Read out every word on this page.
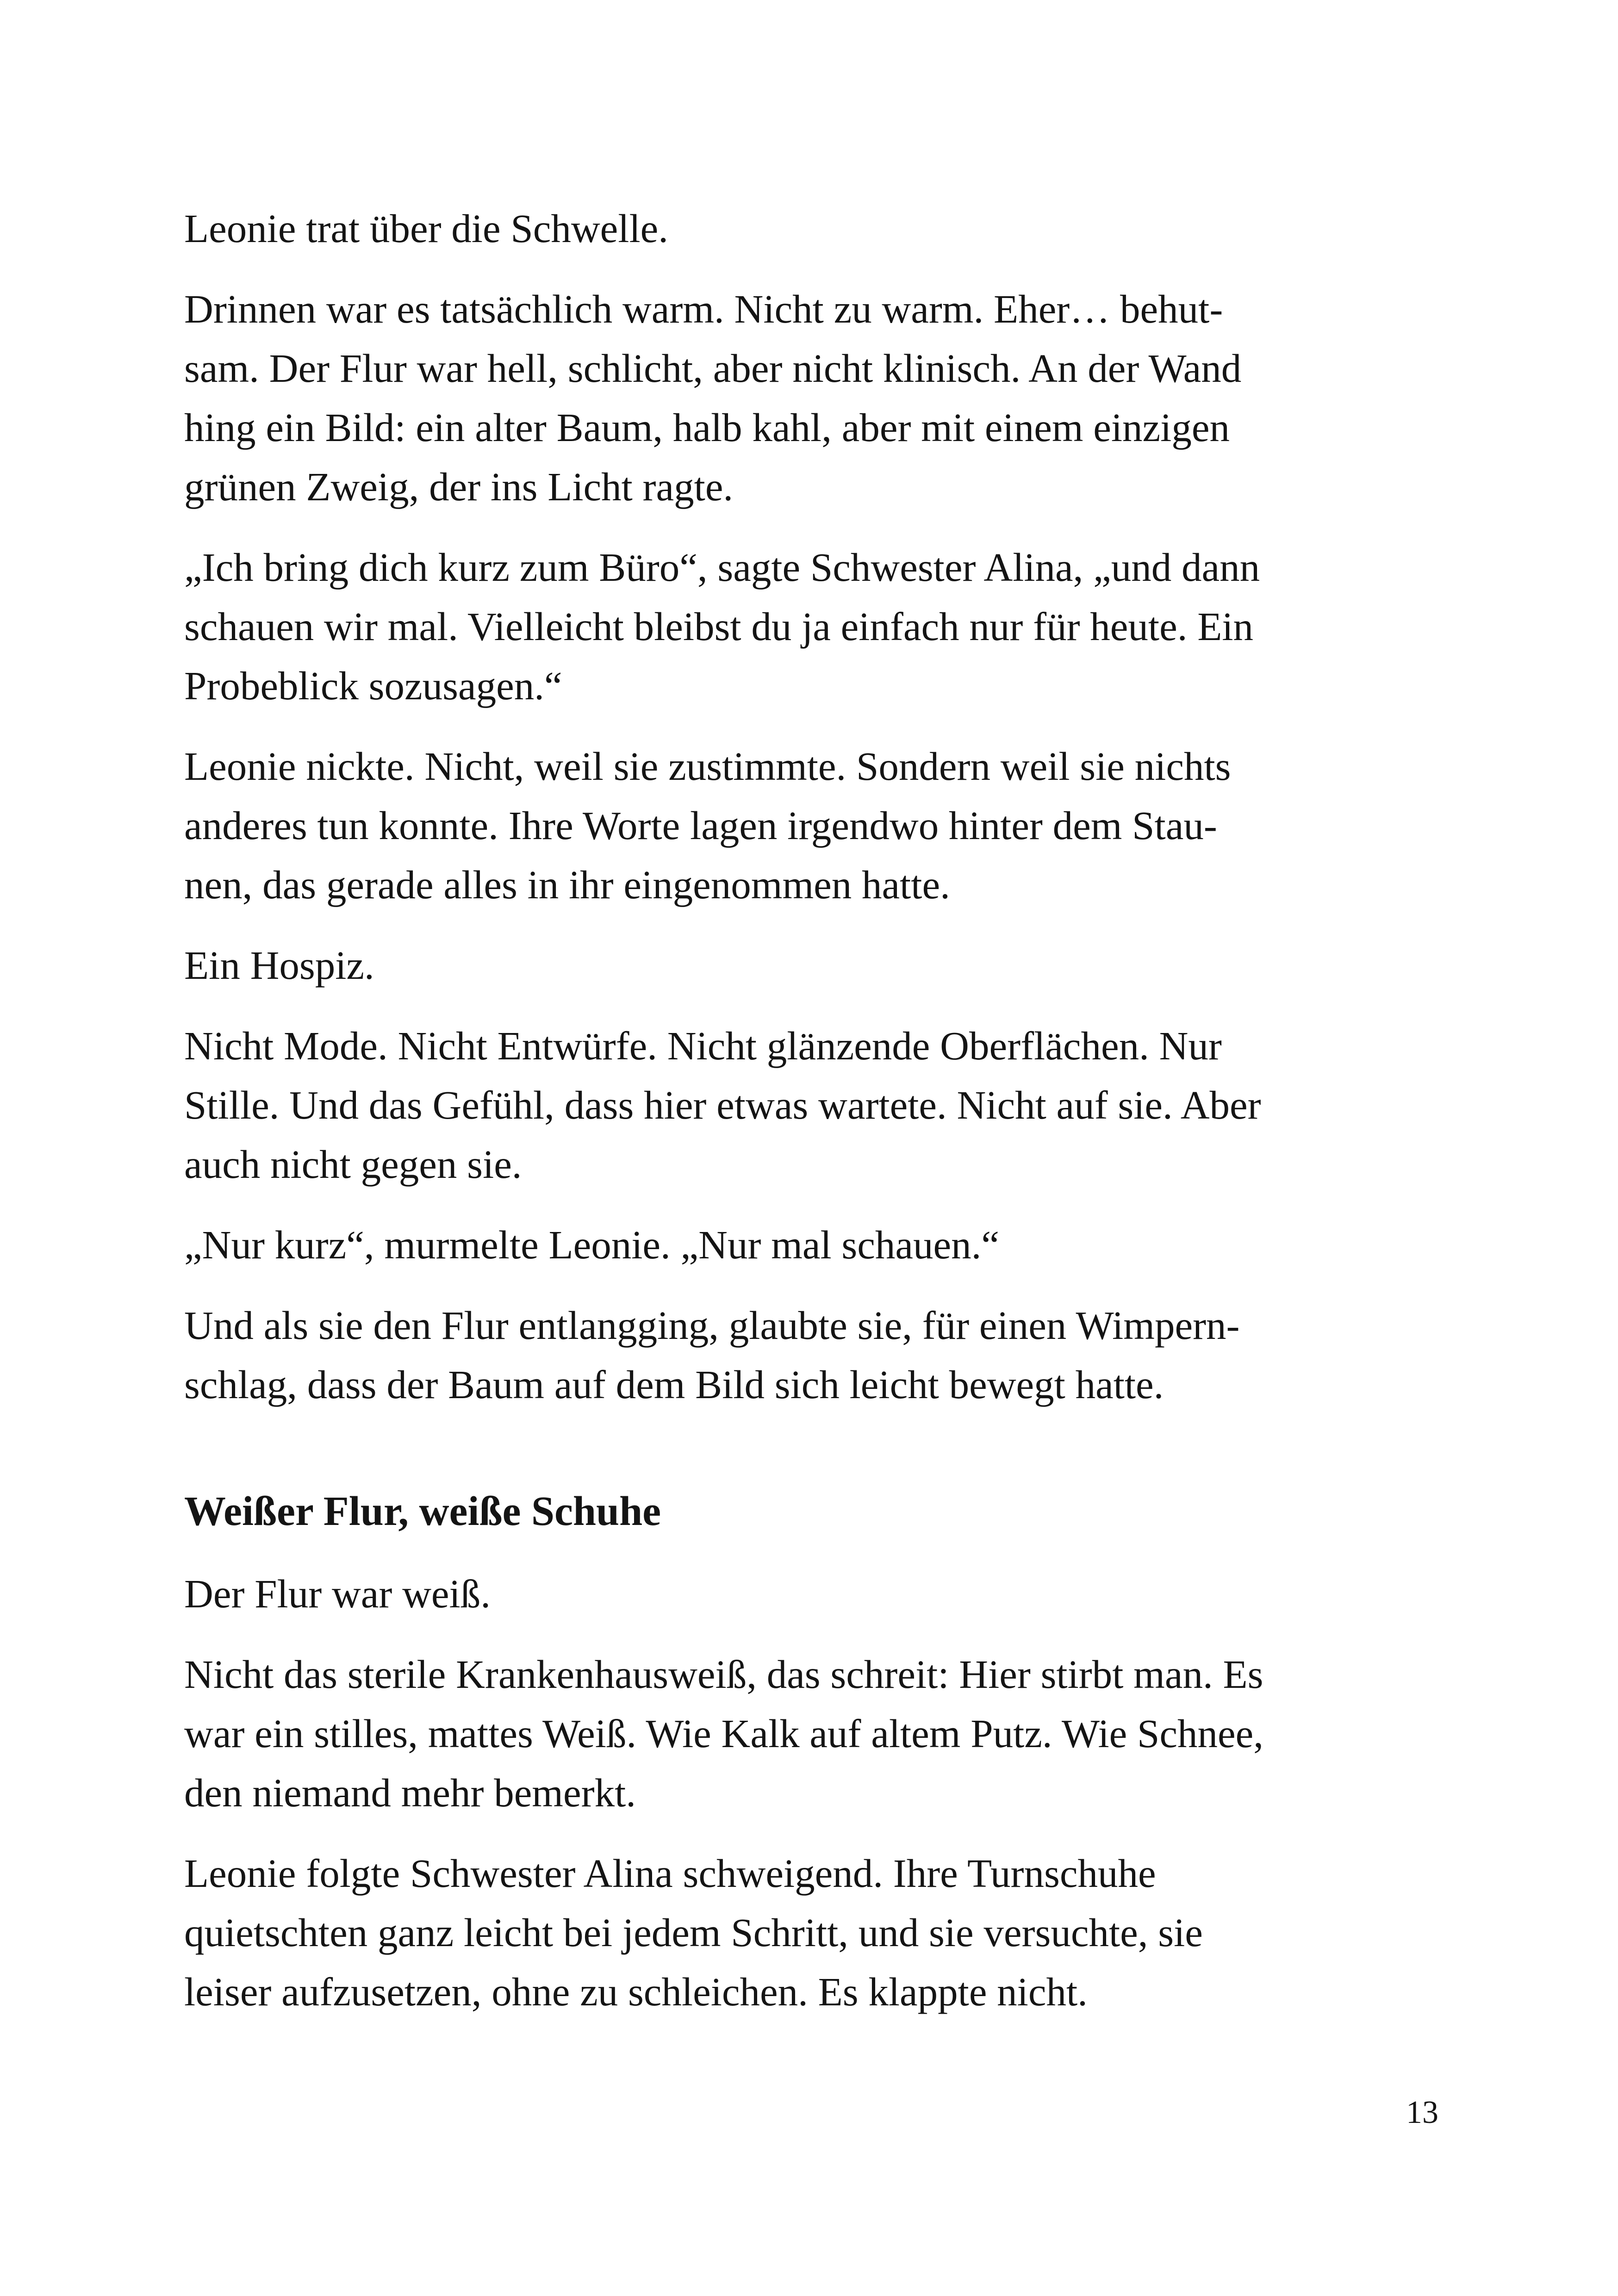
Leonie trat über die Schwelle.

Drinnen war es tatsächlich warm. Nicht zu warm. Eher… behut-
sam. Der Flur war hell, schlicht, aber nicht klinisch. An der Wand
hing ein Bild: ein alter Baum, halb kahl, aber mit einem einzigen
grünen Zweig, der ins Licht ragte.

„Ich bring dich kurz zum Büro“, sagte Schwester Alina, „und dann
schauen wir mal. Vielleicht bleibst du ja einfach nur für heute. Ein
Probeblick sozusagen.“

Leonie nickte. Nicht, weil sie zustimmte. Sondern weil sie nichts
anderes tun konnte. Ihre Worte lagen irgendwo hinter dem Stau-
nen, das gerade alles in ihr eingenommen hatte.

Ein Hospiz.

Nicht Mode. Nicht Entwürfe. Nicht glänzende Oberflächen. Nur
Stille. Und das Gefühl, dass hier etwas wartete. Nicht auf sie. Aber
auch nicht gegen sie.

„Nur kurz“, murmelte Leonie. „Nur mal schauen.“

Und als sie den Flur entlangging, glaubte sie, für einen Wimpern-
schlag, dass der Baum auf dem Bild sich leicht bewegt hatte.

Weißer Flur, weiße Schuhe

Der Flur war weiß.

Nicht das sterile Krankenhausweiß, das schreit: Hier stirbt man. Es
war ein stilles, mattes Weiß. Wie Kalk auf altem Putz. Wie Schnee,
den niemand mehr bemerkt.

Leonie folgte Schwester Alina schweigend. Ihre Turnschuhe
quietschten ganz leicht bei jedem Schritt, und sie versuchte, sie
leiser aufzusetzen, ohne zu schleichen. Es klappte nicht.

13
